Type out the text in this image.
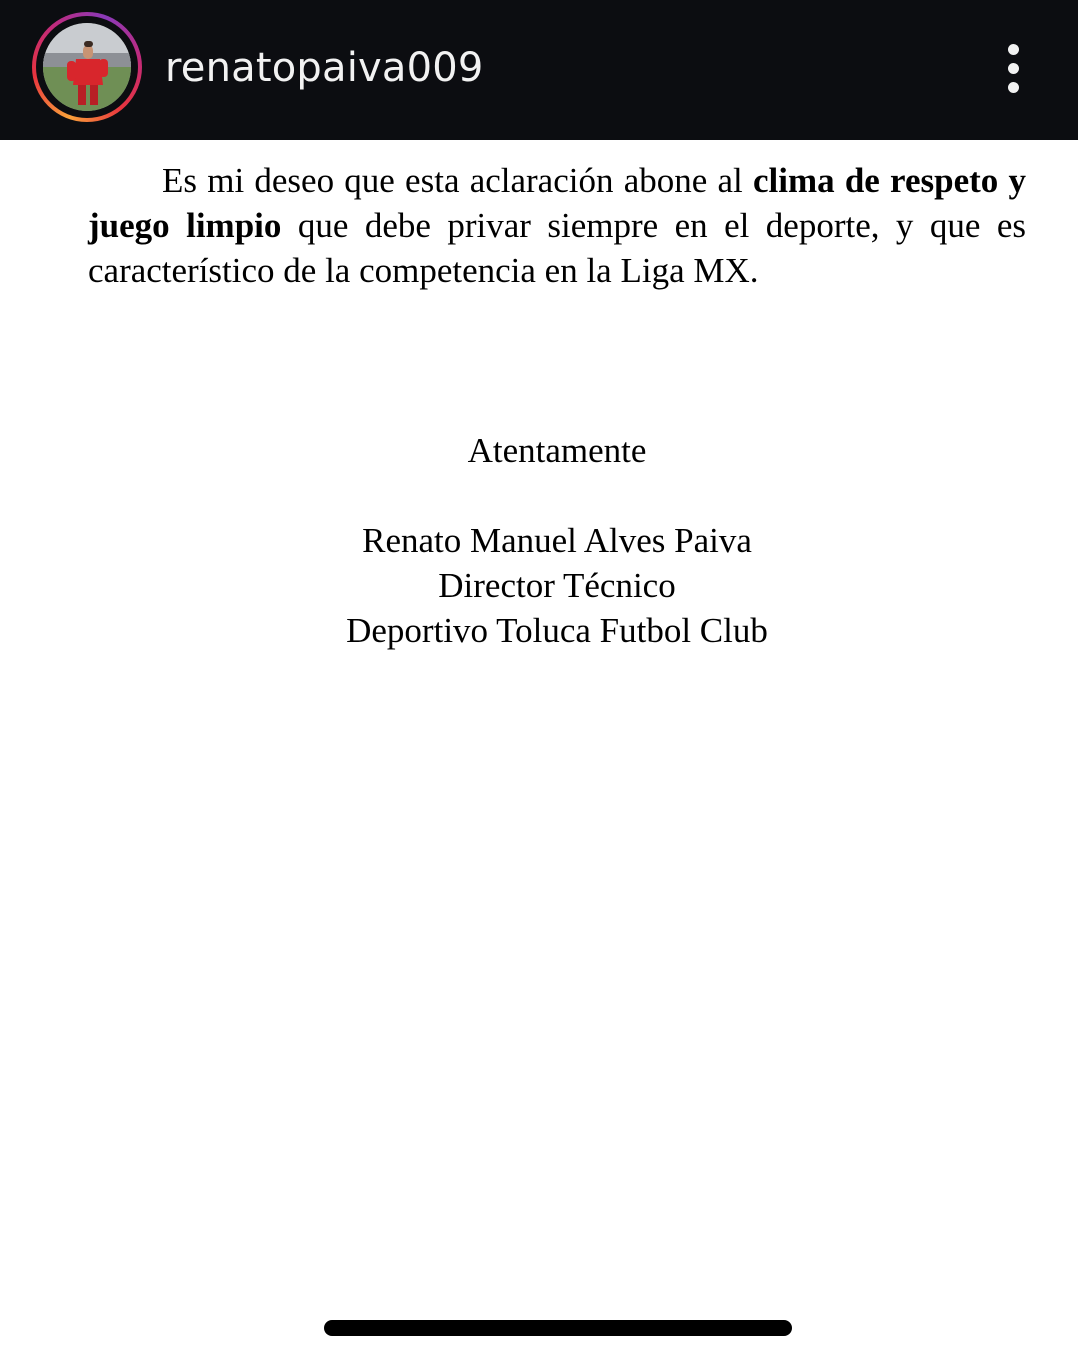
renatopaiva009

Es mi deseo que esta aclaración abone al clima de respeto y juego limpio que debe privar siempre en el deporte, y que es característico de la competencia en la Liga MX.

Atentamente

Renato Manuel Alves Paiva

Director Técnico

Deportivo Toluca Futbol Club
